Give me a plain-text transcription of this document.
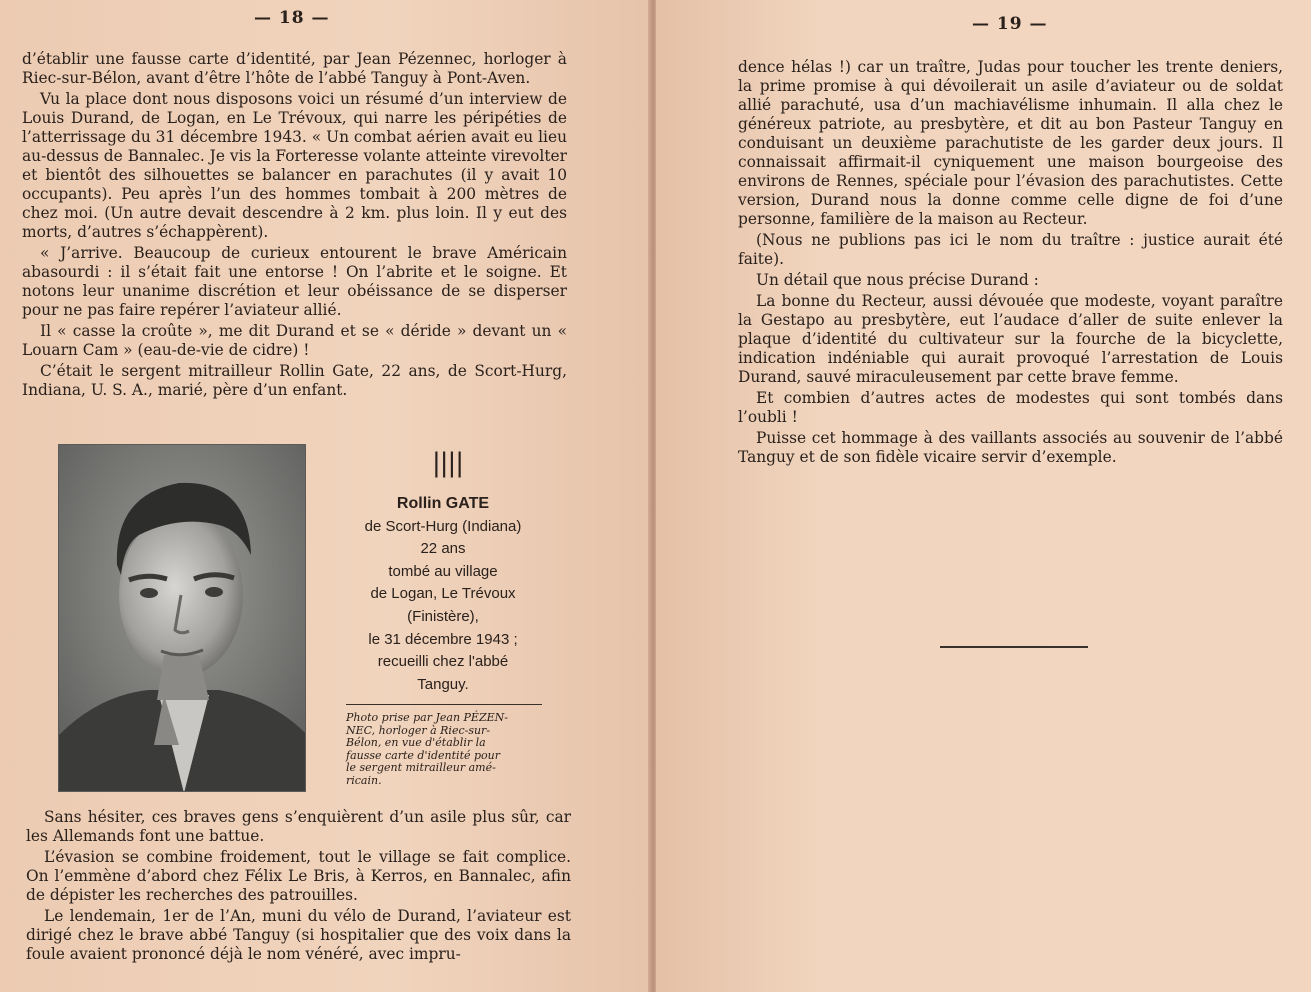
— 18 —

d’établir une fausse carte d’identité, par Jean Pézennec, horloger à Riec-sur-Bélon, avant d’être l’hôte de l’abbé Tanguy à Pont-Aven.

Vu la place dont nous disposons voici un résumé d’un interview de Louis Durand, de Logan, en Le Trévoux, qui narre les péripéties de l’atterrissage du 31 décembre 1943. « Un combat aérien avait eu lieu au-dessus de Bannalec. Je vis la Forteresse volante atteinte virevolter et bientôt des silhouettes se balancer en parachutes (il y avait 10 occupants). Peu après l’un des hommes tombait à 200 mètres de chez moi. (Un autre devait descendre à 2 km. plus loin. Il y eut des morts, d’autres s’échappèrent).

« J’arrive. Beaucoup de curieux entourent le brave Américain abasourdi : il s’était fait une entorse ! On l’abrite et le soigne. Et notons leur unanime discrétion et leur obéissance de se disperser pour ne pas faire repérer l’aviateur allié.

Il « casse la croûte », me dit Durand et se « déride » devant un « Louarn Cam » (eau-de-vie de cidre) !

C’était le sergent mitrailleur Rollin Gate, 22 ans, de Scort-Hurg, Indiana, U. S. A., marié, père d’un enfant.

||||
Rollin GATE
de Scort-Hurg (Indiana)
22 ans
tombé au village
de Logan, Le Trévoux
(Finistère),
le 31 décembre 1943 ;
recueilli chez l'abbé
Tanguy.
Photo prise par Jean PÉZEN-
NEC, horloger à Riec-sur-
Bélon, en vue d'établir la
fausse carte d'identité pour
le sergent mitrailleur amé-
ricain.

Sans hésiter, ces braves gens s’enquièrent d’un asile plus sûr, car les Allemands font une battue.

L’évasion se combine froidement, tout le village se fait complice. On l’emmène d’abord chez Félix Le Bris, à Kerros, en Bannalec, afin de dépister les recherches des patrouilles.

Le lendemain, 1er de l’An, muni du vélo de Durand, l’aviateur est dirigé chez le brave abbé Tanguy (si hospitalier que des voix dans la foule avaient prononcé déjà le nom vénéré, avec impru-

— 19 —

dence hélas !) car un traître, Judas pour toucher les trente deniers, la prime promise à qui dévoilerait un asile d’aviateur ou de soldat allié parachuté, usa d’un machiavélisme inhumain. Il alla chez le généreux patriote, au presbytère, et dit au bon Pasteur Tanguy en conduisant un deuxième parachutiste de les garder deux jours. Il connaissait affirmait-il cyniquement une maison bourgeoise des environs de Rennes, spéciale pour l’évasion des parachutistes. Cette version, Durand nous la donne comme celle digne de foi d’une personne, familière de la maison au Recteur.

(Nous ne publions pas ici le nom du traître : justice aurait été faite).

Un détail que nous précise Durand :

La bonne du Recteur, aussi dévouée que modeste, voyant paraître la Gestapo au presbytère, eut l’audace d’aller de suite enlever la plaque d’identité du cultivateur sur la fourche de la bicyclette, indication indéniable qui aurait provoqué l’arrestation de Louis Durand, sauvé miraculeusement par cette brave femme.

Et combien d’autres actes de modestes qui sont tombés dans l’oubli !

Puisse cet hommage à des vaillants associés au souvenir de l’abbé Tanguy et de son fidèle vicaire servir d’exemple.
